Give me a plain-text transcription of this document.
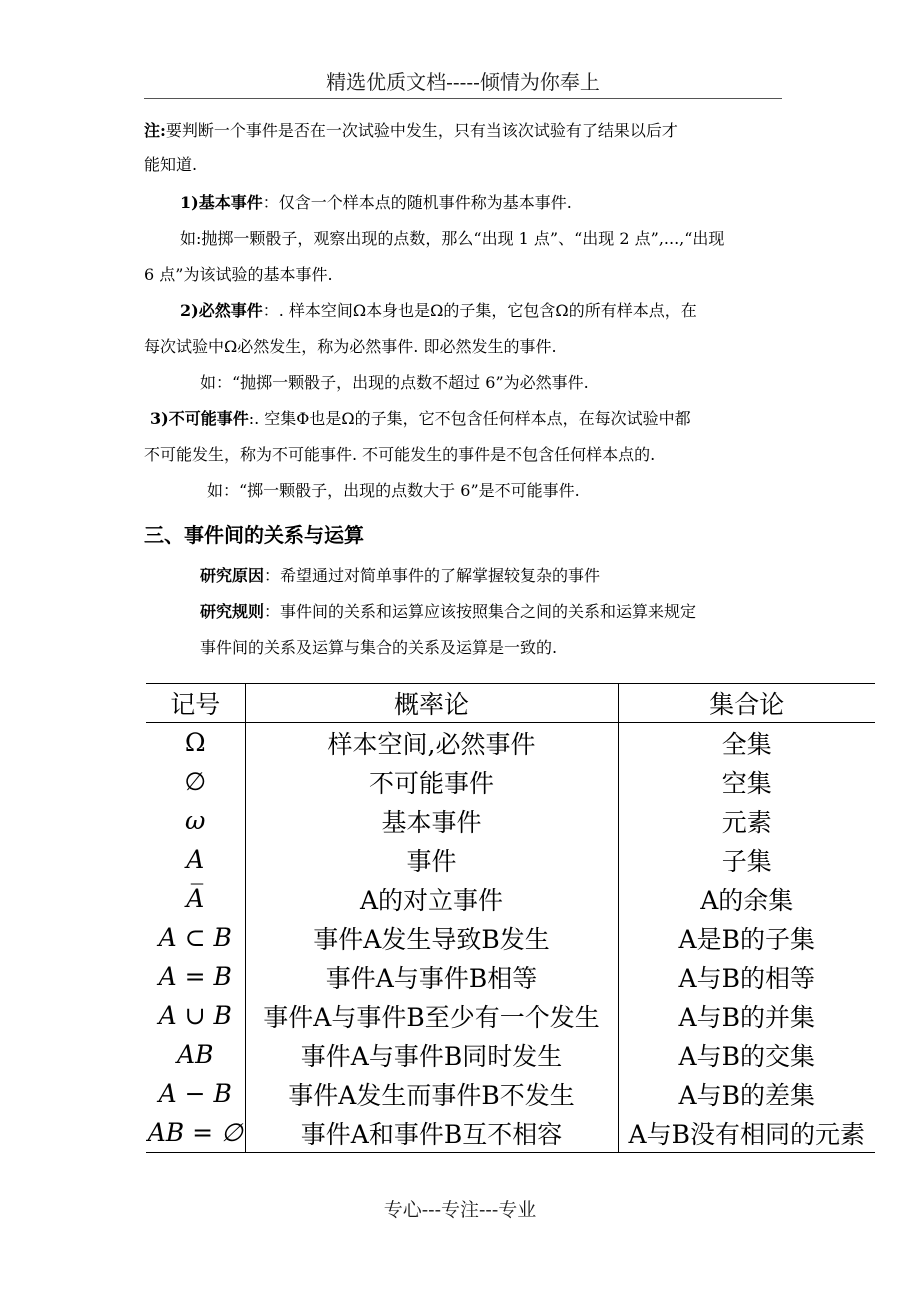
精选优质文档-----倾情为你奉上
注:要判断一个事件是否在一次试验中发生，只有当该次试验有了结果以后才
能知道.
1)基本事件：仅含一个样本点的随机事件称为基本事件.
如:抛掷一颗骰子，观察出现的点数，那么“出现 1 点”、“出现 2 点”,...,“出现
6 点”为该试验的基本事件.
2)必然事件：. 样本空间Ω本身也是Ω的子集，它包含Ω的所有样本点，在
每次试验中Ω必然发生，称为必然事件. 即必然发生的事件.
如：“抛掷一颗骰子，出现的点数不超过 6”为必然事件.
3)不可能事件:. 空集Φ也是Ω的子集，它不包含任何样本点，在每次试验中都
不可能发生，称为不可能事件. 不可能发生的事件是不包含任何样本点的.
如：“掷一颗骰子，出现的点数大于 6”是不可能事件.
三、事件间的关系与运算
研究原因：希望通过对简单事件的了解掌握较复杂的事件
研究规则：事件间的关系和运算应该按照集合之间的关系和运算来规定
事件间的关系及运算与集合的关系及运算是一致的.
记号	概率论	集合论
Ω	样本空间,必然事件	全集
∅	不可能事件	空集
ω	基本事件	元素
A	事件	子集
A̅	A的对立事件	A的余集
A ⊂ B	事件A发生导致B发生	A是B的子集
A = B	事件A与事件B相等	A与B的相等
A ∪ B	事件A与事件B至少有一个发生	A与B的并集
AB	事件A与事件B同时发生	A与B的交集
A − B	事件A发生而事件B不发生	A与B的差集
AB = ∅	事件A和事件B互不相容	A与B没有相同的元素
专心---专注---专业
